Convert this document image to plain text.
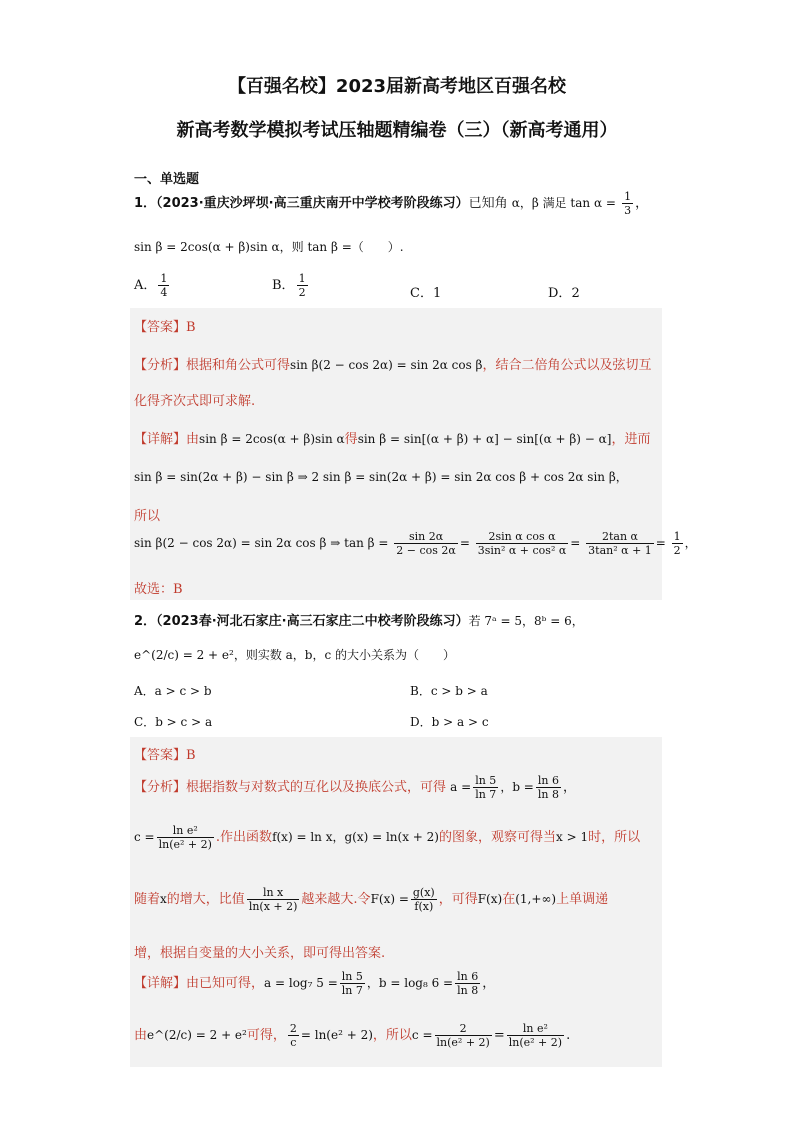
【百强名校】2023届新高考地区百强名校
新高考数学模拟考试压轴题精编卷（三）（新高考通用）
一、单选题
1．（2023·重庆沙坪坝·高三重庆南开中学校考阶段练习）已知角 α，β 满足 $\tan \alpha = \frac{1}{3}$ ，
sin β = 2cos(α + β)sin α，则 tan β =（　　）.
A． $\frac{1}{4}$	B． $\frac{1}{2}$	C．1	D．2
【答案】B
【分析】根据和角公式可得sin β(2 − cos 2α) = sin 2α cos β，结合二倍角公式以及弦切互
化得齐次式即可求解.
【详解】由sin β = 2cos(α + β)sin α得sin β = sin[(α + β) + α] − sin[(α + β) − α]，进而
sin β = sin(2α + β) − sin β ⇒ 2 sin β = sin(2α + β) = sin 2α cos β + cos 2α sin β，
所以
sin β(2 − cos 2α) = sin 2α cos β ⇒ $\tan \beta = \frac{\sin 2\alpha}{2 - \cos 2\alpha} = \frac{\text{2sin α cos α}}{\text{3sin² α + cos² α}} = \frac{\text{2tan α}}{\text{3tan² α + 1}} = \frac{1}{2}$ ，
故选：B
2．（2023春·河北石家庄·高三石家庄二中校考阶段练习）若 7ᵃ = 5，8ᵇ = 6，
e^(2/c) = 2 + e²，则实数 a，b，c 的大小关系为（　　）
A．a > c > b	B．c > b > a
C．b > c > a	D．b > a > c
【答案】B
【分析】根据指数与对数式的互化以及换底公式，可得 $a = \frac{\ln 5}{\ln 7}$ ，$b = \frac{\ln 6}{\ln 8}$ ，
$c = \frac{\text{ln e²}}{\text{ln(e² + 2)}}$ .作出函数f(x) = ln x，g(x) = ln(x + 2)的图象，观察可得当x > 1时，所以
随着x的增大，比值 $\frac{\text{ln x}}{\ln(x + 2)}$ 越来越大.令$F(x) = \frac{g(x)}{f(x)}$ ，可得F(x)在(1,+∞)上单调递
增，根据自变量的大小关系，即可得出答案.
【详解】由已知可得，a = log₇ $5 = \frac{\ln 5}{\ln 7}$ ，b = log₈ $6 = \frac{\ln 6}{\ln 8}$ ，
由e^(2/c) = 2 + e²可得， $\frac{2}{c} = \ln(e^2 + 2)$，所以$c = \frac{2}{\text{ln(e² + 2)}} = \frac{\text{ln e²}}{\text{ln(e² + 2)}}$ .
